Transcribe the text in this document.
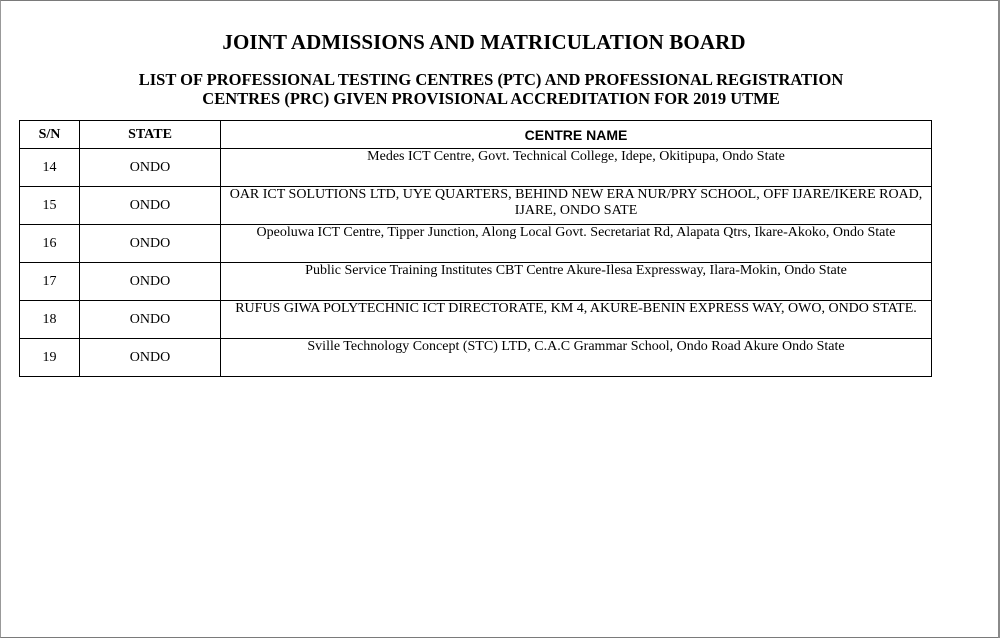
JOINT ADMISSIONS AND MATRICULATION BOARD
LIST OF PROFESSIONAL TESTING CENTRES (PTC) AND PROFESSIONAL REGISTRATION
CENTRES (PRC) GIVEN PROVISIONAL ACCREDITATION FOR 2019 UTME
S/N	STATE	CENTRE NAME
14	ONDO	Medes ICT Centre, Govt. Technical College, Idepe, Okitipupa, Ondo State
15	ONDO	OAR ICT SOLUTIONS LTD, UYE QUARTERS, BEHIND NEW ERA NUR/PRY SCHOOL, OFF IJARE/IKERE ROAD, IJARE, ONDO SATE
16	ONDO	Opeoluwa ICT Centre, Tipper Junction, Along Local Govt. Secretariat Rd, Alapata Qtrs, Ikare-Akoko, Ondo State
17	ONDO	Public Service Training Institutes CBT Centre Akure-Ilesa Expressway, Ilara-Mokin, Ondo State
18	ONDO	RUFUS GIWA POLYTECHNIC ICT DIRECTORATE, KM 4, AKURE-BENIN EXPRESS WAY, OWO, ONDO STATE.
19	ONDO	Sville Technology Concept (STC) LTD, C.A.C Grammar School, Ondo Road Akure Ondo State
